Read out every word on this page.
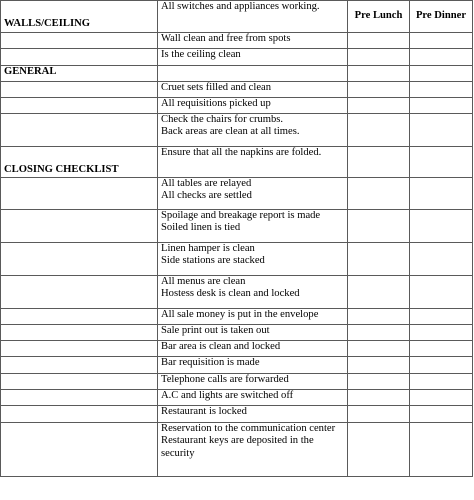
WALLS/CEILING	All switches and appliances working.	Pre Lunch	Pre Dinner

	Wall clean and free from spots		

	Is the ceiling clean		

GENERAL			

	Cruet sets filled and clean		

	All requisitions picked up		

	Check the chairs for crumbs.
Back areas are clean at all times.		

CLOSING CHECKLIST	Ensure that all the napkins are folded.		

	All tables are relayed
All checks are settled		

	Spoilage and breakage report is made
Soiled linen is tied		

	Linen hamper is clean
Side stations are stacked		

	All menus are clean
Hostess desk is clean and locked		

	All sale money is put in the envelope		

	Sale print out is taken out		

	Bar area is clean and locked		

	Bar requisition is made		

	Telephone calls are forwarded		

	A.C and lights are switched off		

	Restaurant is locked		

	Reservation to the communication center
Restaurant keys are deposited in the security		
